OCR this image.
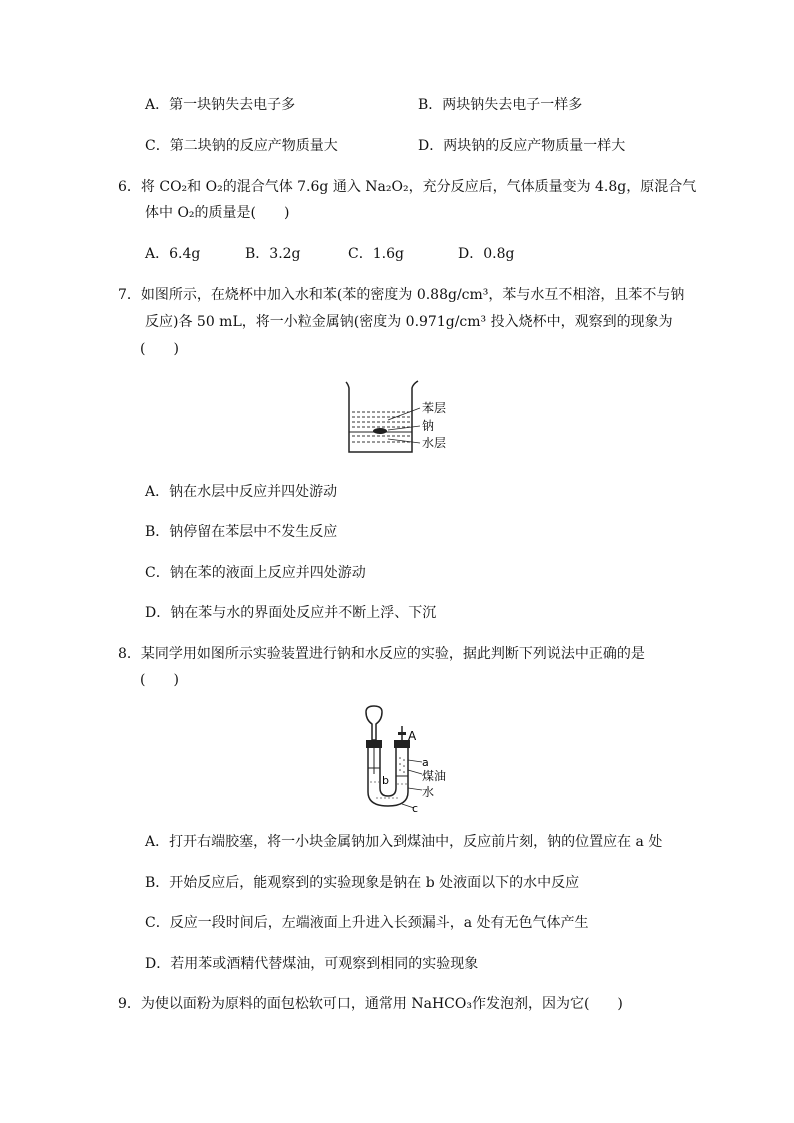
A．第一块钠失去电子多	B．两块钠失去电子一样多
C．第二块钠的反应产物质量大	D．两块钠的反应产物质量一样大
6．将 CO₂和 O₂的混合气体 7.6g 通入 Na₂O₂，充分反应后，气体质量变为 4.8g，原混合气
体中 O₂的质量是(　　)
A．6.4g	B．3.2g	C．1.6g	D．0.8g
7．如图所示，在烧杯中加入水和苯(苯的密度为 0.88g/cm³，苯与水互不相溶，且苯不与钠
反应)各 50 mL，将一小粒金属钠(密度为 0.971g/cm³ 投入烧杯中，观察到的现象为
(　　)
苯层
钠
水层
A．钠在水层中反应并四处游动
B．钠停留在苯层中不发生反应
C．钠在苯的液面上反应并四处游动
D．钠在苯与水的界面处反应并不断上浮、下沉
8．某同学用如图所示实验装置进行钠和水反应的实验，据此判断下列说法中正确的是
(　　)
A
a
煤油
b
水
c
A．打开右端胶塞，将一小块金属钠加入到煤油中，反应前片刻，钠的位置应在 a 处
B．开始反应后，能观察到的实验现象是钠在 b 处液面以下的水中反应
C．反应一段时间后，左端液面上升进入长颈漏斗，a 处有无色气体产生
D．若用苯或酒精代替煤油，可观察到相同的实验现象
9．为使以面粉为原料的面包松软可口，通常用 NaHCO₃作发泡剂，因为它(　　)
